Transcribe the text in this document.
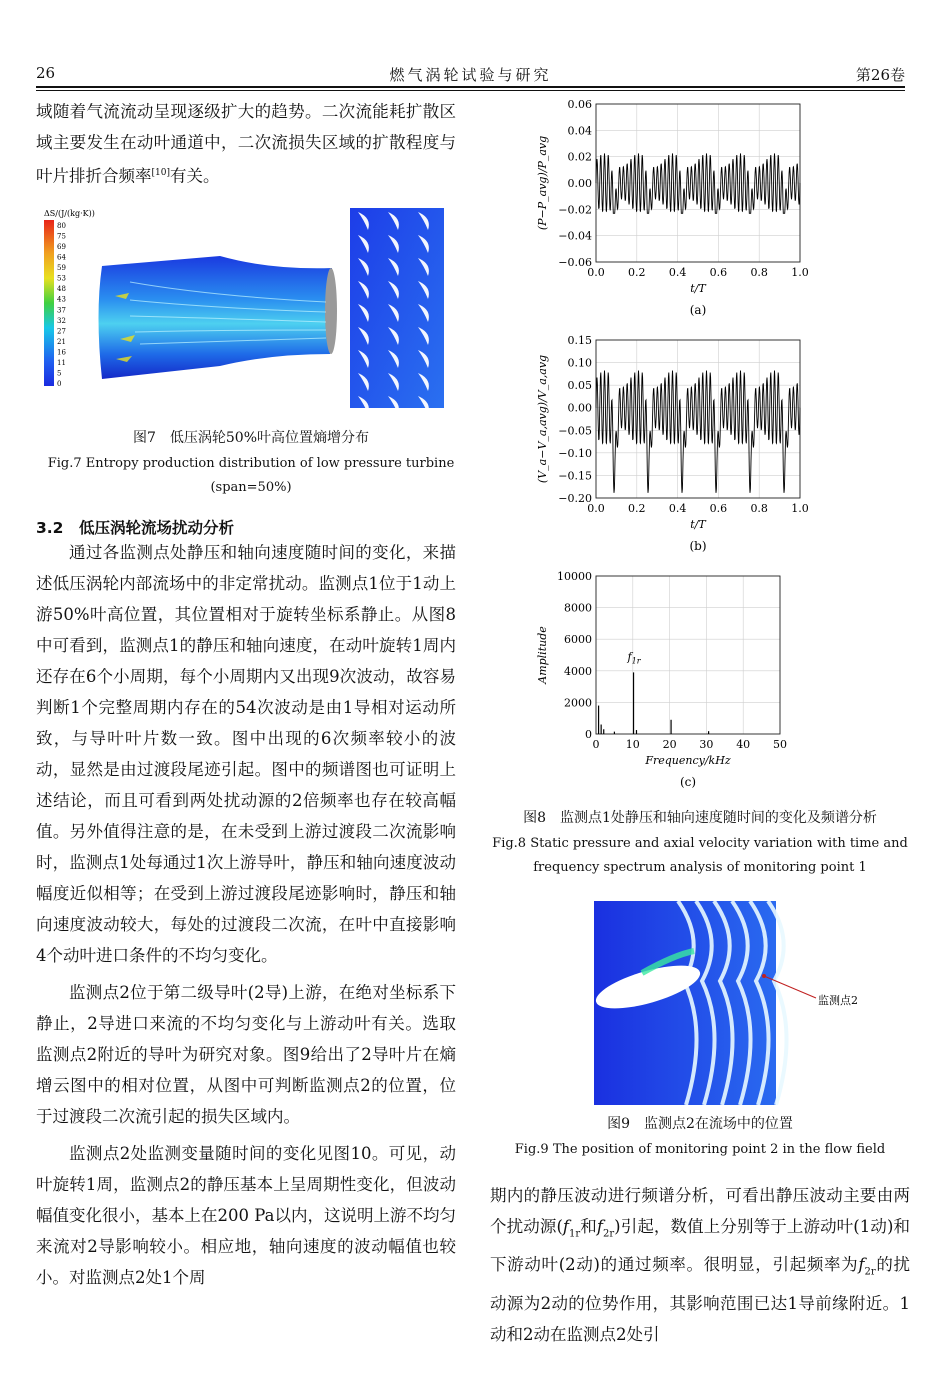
26	燃气涡轮试验与研究	第26卷

域随着气流流动呈现逐级扩大的趋势。二次流能耗扩散区域主要发生在动叶通道中，二次流损失区域的扩散程度与叶片排折合频率[10]有关。

ΔS/(J/(kg·K))
80
75
69
64
59
53
48
43
37
32
27
21
16
11
5
0
图7　低压涡轮50%叶高位置熵增分布
Fig.7 Entropy production distribution of low pressure turbine
(span=50%)
3.2　低压涡轮流场扰动分析

通过各监测点处静压和轴向速度随时间的变化，来描述低压涡轮内部流场中的非定常扰动。监测点1位于1动上游50%叶高位置，其位置相对于旋转坐标系静止。从图8中可看到，监测点1的静压和轴向速度，在动叶旋转1周内还存在6个小周期，每个小周期内又出现9次波动，故容易判断1个完整周期内存在的54次波动是由1导相对运动所致，与导叶叶片数一致。图中出现的6次频率较小的波动，显然是由过渡段尾迹引起。图中的频谱图也可证明上述结论，而且可看到两处扰动源的2倍频率也存在较高幅值。另外值得注意的是，在未受到上游过渡段二次流影响时，监测点1处每通过1次上游导叶，静压和轴向速度波动幅度近似相等；在受到上游过渡段尾迹影响时，静压和轴向速度波动较大，每处的过渡段二次流，在叶中直接影响4个动叶进口条件的不均匀变化。

监测点2位于第二级导叶(2导)上游，在绝对坐标系下静止，2导进口来流的不均匀变化与上游动叶有关。选取监测点2附近的导叶为研究对象。图9给出了2导叶片在熵增云图中的相对位置，从图中可判断监测点2的位置，位于过渡段二次流引起的损失区域内。

监测点2处监测变量随时间的变化见图10。可见，动叶旋转1周，监测点2的静压基本上呈周期性变化，但波动幅值变化很小，基本上在200 Pa以内，这说明上游不均匀来流对2导影响较小。相应地，轴向速度的波动幅值也较小。对监测点2处1个周

0.0 0.2 0.4 0.6 0.8 1.0
0.06
0.04
0.02
0.00
−0.02
−0.04
−0.06
t/T
(P−P_avg)/P_avg
(a)
0.0 0.2 0.4 0.6 0.8 1.0
0.15
0.10
0.05
0.00
−0.05
−0.10
−0.15
−0.20
t/T
(V_a−V_a,avg)/V_a,avg
(b)
0 10 20 30 40 50
10000
8000
6000
4000
2000
0
Frequency/kHz
Amplitude
(c)
$f_{1r}$
图8　监测点1处静压和轴向速度随时间的变化及频谱分析
Fig.8 Static pressure and axial velocity variation with time and
frequency spectrum analysis of monitoring point 1
监测点2
图9　监测点2在流场中的位置
Fig.9 The position of monitoring point 2 in the flow field

期内的静压波动进行频谱分析，可看出静压波动主要由两个扰动源($f_{1r}$和$f_{2r}$)引起，数值上分别等于上游动叶(1动)和下游动叶(2动)的通过频率。很明显，引起频率为$f_{2r}$的扰动源为2动的位势作用，其影响范围已达1导前缘附近。1动和2动在监测点2处引
